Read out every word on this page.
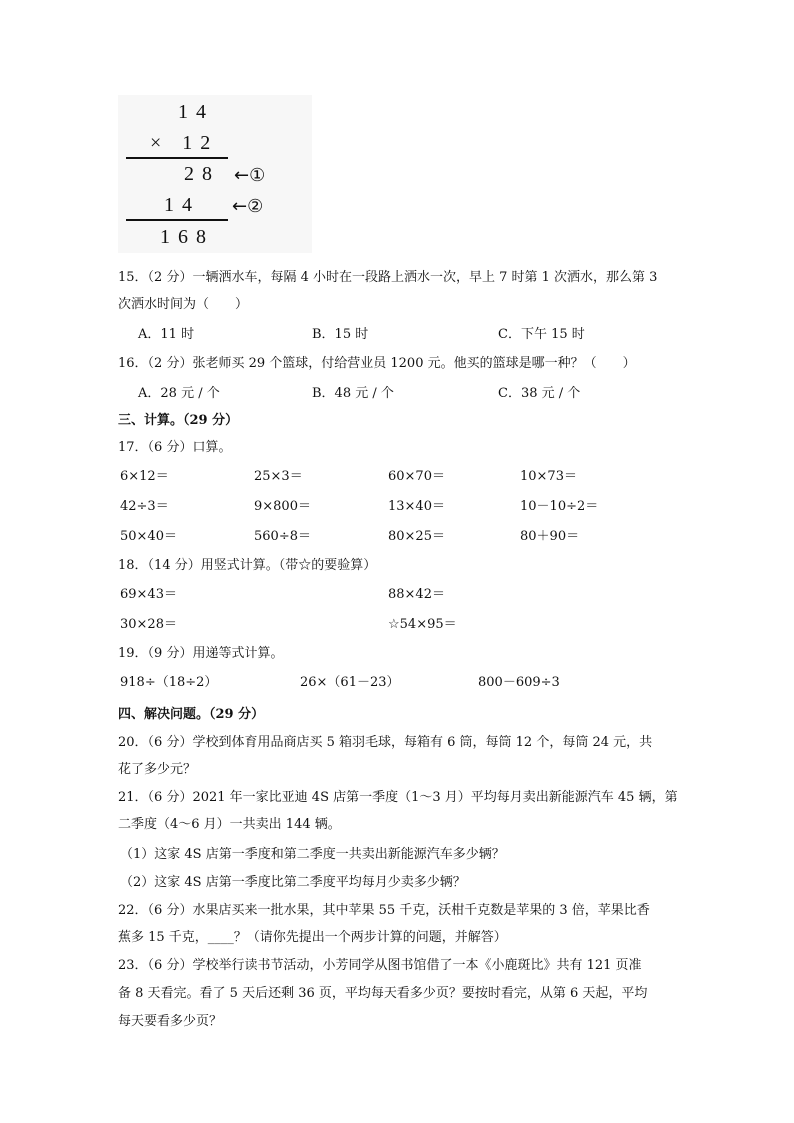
14
× 12
28 ←①
14 ←②
168
15．（2 分）一辆洒水车，每隔 4 小时在一段路上洒水一次，早上 7 时第 1 次洒水，那么第 3
次洒水时间为（　　）
A．11 时	B．15 时	C．下午 15 时
16．（2 分）张老师买 29 个篮球，付给营业员 1200 元。他买的篮球是哪一种？（　　）
A．28 元 / 个	B．48 元 / 个	C．38 元 / 个
三、计算。（29 分）
17．（6 分）口算。
6×12＝	25×3＝	60×70＝	10×73＝
42÷3＝	9×800＝	13×40＝	10－10÷2＝
50×40＝	560÷8＝	80×25＝	80＋90＝
18．（14 分）用竖式计算。（带☆的要验算）
69×43＝	88×42＝
30×28＝	☆54×95＝
19．（9 分）用递等式计算。
918÷（18÷2）	26×（61－23）	800－609÷3
四、解决问题。（29 分）
20．（6 分）学校到体育用品商店买 5 箱羽毛球，每箱有 6 筒，每筒 12 个，每筒 24 元，共
花了多少元？
21．（6 分）2021 年一家比亚迪 4S 店第一季度（1～3 月）平均每月卖出新能源汽车 45 辆，第
二季度（4～6 月）一共卖出 144 辆。
（1）这家 4S 店第一季度和第二季度一共卖出新能源汽车多少辆？
（2）这家 4S 店第一季度比第二季度平均每月少卖多少辆？
22．（6 分）水果店买来一批水果，其中苹果 55 千克，沃柑千克数是苹果的 3 倍，苹果比香
蕉多 15 千克，____？（请你先提出一个两步计算的问题，并解答）
23．（6 分）学校举行读书节活动，小芳同学从图书馆借了一本《小鹿斑比》共有 121 页准
备 8 天看完。看了 5 天后还剩 36 页，平均每天看多少页？要按时看完，从第 6 天起，平均
每天要看多少页？
